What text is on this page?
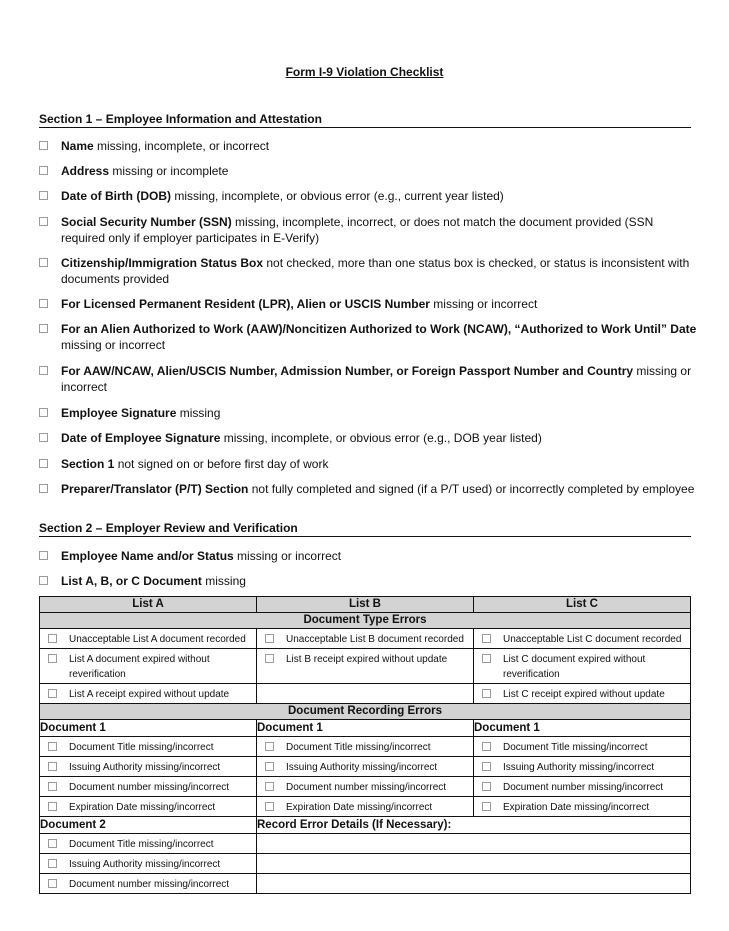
Form I-9 Violation Checklist
Section 1 – Employee Information and Attestation
Name missing, incomplete, or incorrect
Address missing or incomplete
Date of Birth (DOB) missing, incomplete, or obvious error (e.g., current year listed)
Social Security Number (SSN) missing, incomplete, incorrect, or does not match the document provided (SSN required only if employer participates in E-Verify)
Citizenship/Immigration Status Box not checked, more than one status box is checked, or status is inconsistent with documents provided
For Licensed Permanent Resident (LPR), Alien or USCIS Number missing or incorrect
For an Alien Authorized to Work (AAW)/Noncitizen Authorized to Work (NCAW), “Authorized to Work Until” Date missing or incorrect
For AAW/NCAW, Alien/USCIS Number, Admission Number, or Foreign Passport Number and Country missing or incorrect
Employee Signature missing
Date of Employee Signature missing, incomplete, or obvious error (e.g., DOB year listed)
Section 1 not signed on or before first day of work
Preparer/Translator (P/T) Section not fully completed and signed (if a P/T used) or incorrectly completed by employee
Section 2 – Employer Review and Verification
Employee Name and/or Status missing or incorrect
List A, B, or C Document missing
List A	List B	List C
Document Type Errors		

Unacceptable List A document recorded	Unacceptable List B document recorded	Unacceptable List C document recorded

List A document expired without reverification	List B receipt expired without update	List C document expired without reverification

List A receipt expired without update		List C receipt expired without update

Document Recording Errors		
Document 1	Document 1	Document 1

Document Title missing/incorrect	Document Title missing/incorrect	Document Title missing/incorrect

Issuing Authority missing/incorrect	Issuing Authority missing/incorrect	Issuing Authority missing/incorrect

Document number missing/incorrect	Document number missing/incorrect	Document number missing/incorrect

Expiration Date missing/incorrect	Expiration Date missing/incorrect	Expiration Date missing/incorrect

Document 2	Record Error Details (If Necessary):	

Document Title missing/incorrect		

Issuing Authority missing/incorrect		

Document number missing/incorrect		
